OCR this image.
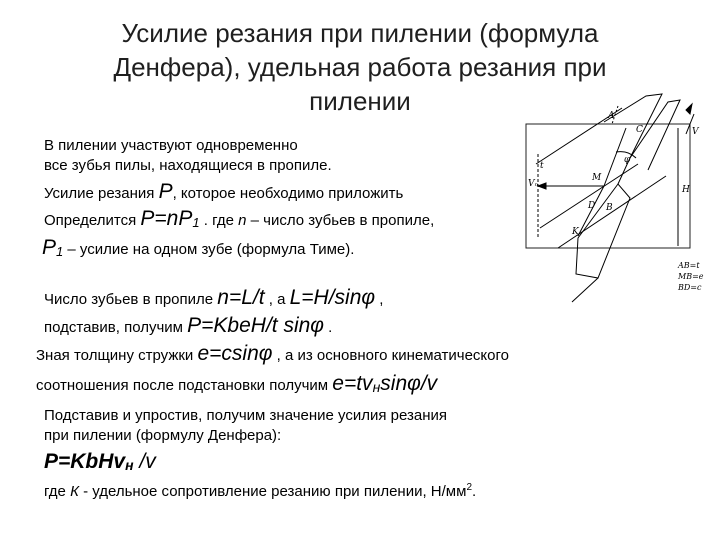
Усилие резания при пилении (формула
Денфера), удельная работа резания при
пилении
В пилении участвуют одновременно
все зубья пилы, находящиеся в пропиле.
Усилие резания P, которое необходимо приложить
Определится P=nP1 . где n – число зубьев в пропиле,
P1 – усилие на одном зубе (формула Тиме).
Число зубьев в пропиле n=L/t , а L=H/sinφ ,
подставив, получим P=KbeH/t sinφ .
Зная толщину стружки e=csinφ , а из основного кинематического
соотношения после подстановки получим e=tvнsinφ/v
Подставив и упростив, получим значение усилия резания
при пилении (формулу Денфера):
P=KbHvн /v
где К - удельное сопротивление резанию при пилении, $Н/мм^2$.
A
B
C
D
K
M
φ
V
Vₙ
H
t
AB=t
MB=e
BD=c
